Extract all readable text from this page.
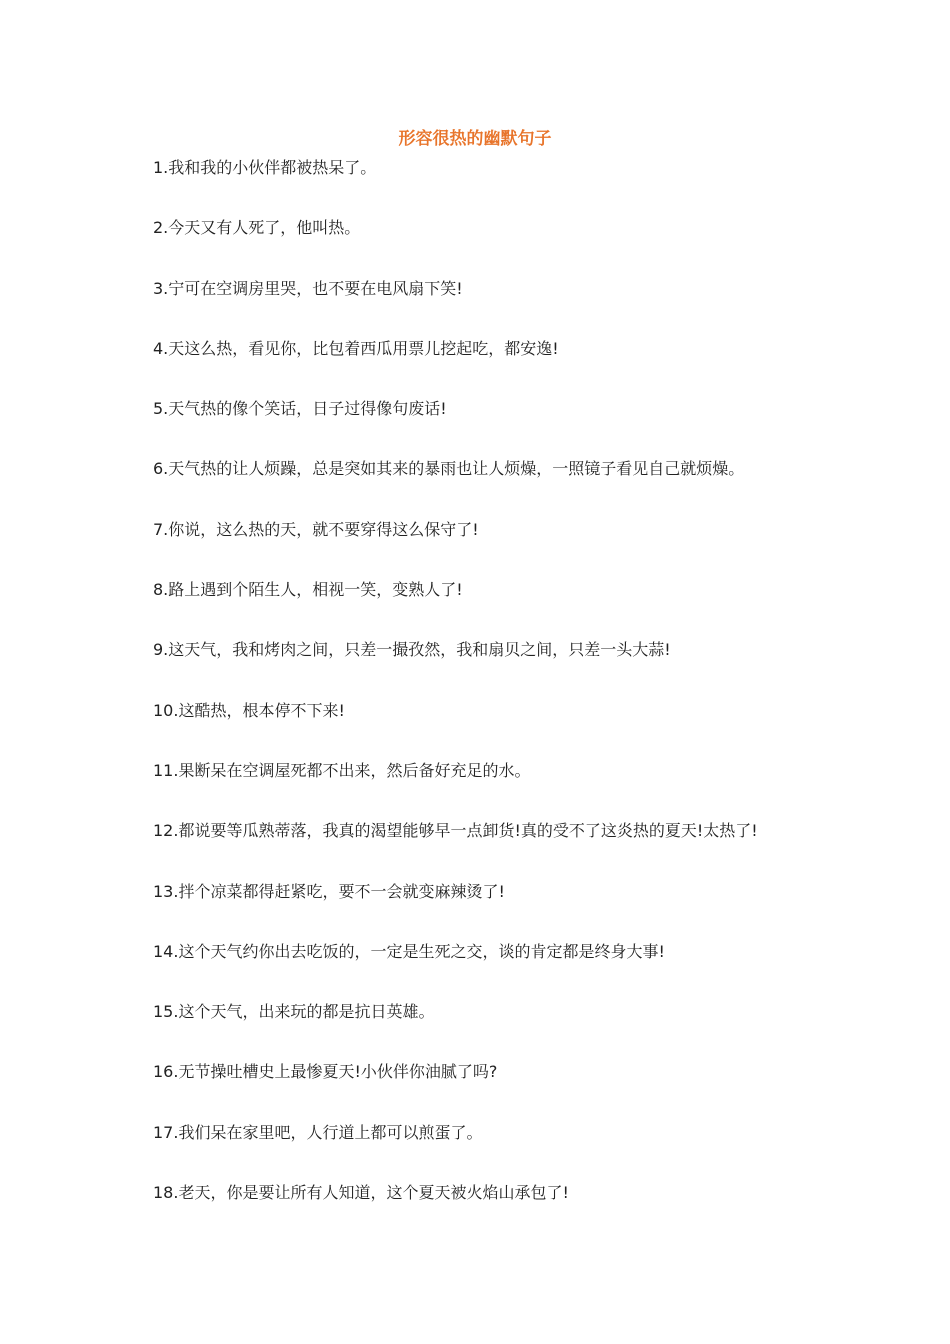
形容很热的幽默句子
1.我和我的小伙伴都被热呆了。
2.今天又有人死了，他叫热。
3.宁可在空调房里哭，也不要在电风扇下笑!
4.天这么热，看见你，比包着西瓜用票儿挖起吃，都安逸!
5.天气热的像个笑话，日子过得像句废话!
6.天气热的让人烦躁，总是突如其来的暴雨也让人烦燥，一照镜子看见自己就烦燥。
7.你说，这么热的天，就不要穿得这么保守了!
8.路上遇到个陌生人，相视一笑，变熟人了!
9.这天气，我和烤肉之间，只差一撮孜然，我和扇贝之间，只差一头大蒜!
10.这酷热，根本停不下来!
11.果断呆在空调屋死都不出来，然后备好充足的水。
12.都说要等瓜熟蒂落，我真的渴望能够早一点卸货!真的受不了这炎热的夏天!太热了!
13.拌个凉菜都得赶紧吃，要不一会就变麻辣烫了!
14.这个天气约你出去吃饭的，一定是生死之交，谈的肯定都是终身大事!
15.这个天气，出来玩的都是抗日英雄。
16.无节操吐槽史上最惨夏天!小伙伴你油腻了吗?
17.我们呆在家里吧，人行道上都可以煎蛋了。
18.老天，你是要让所有人知道，这个夏天被火焰山承包了!
